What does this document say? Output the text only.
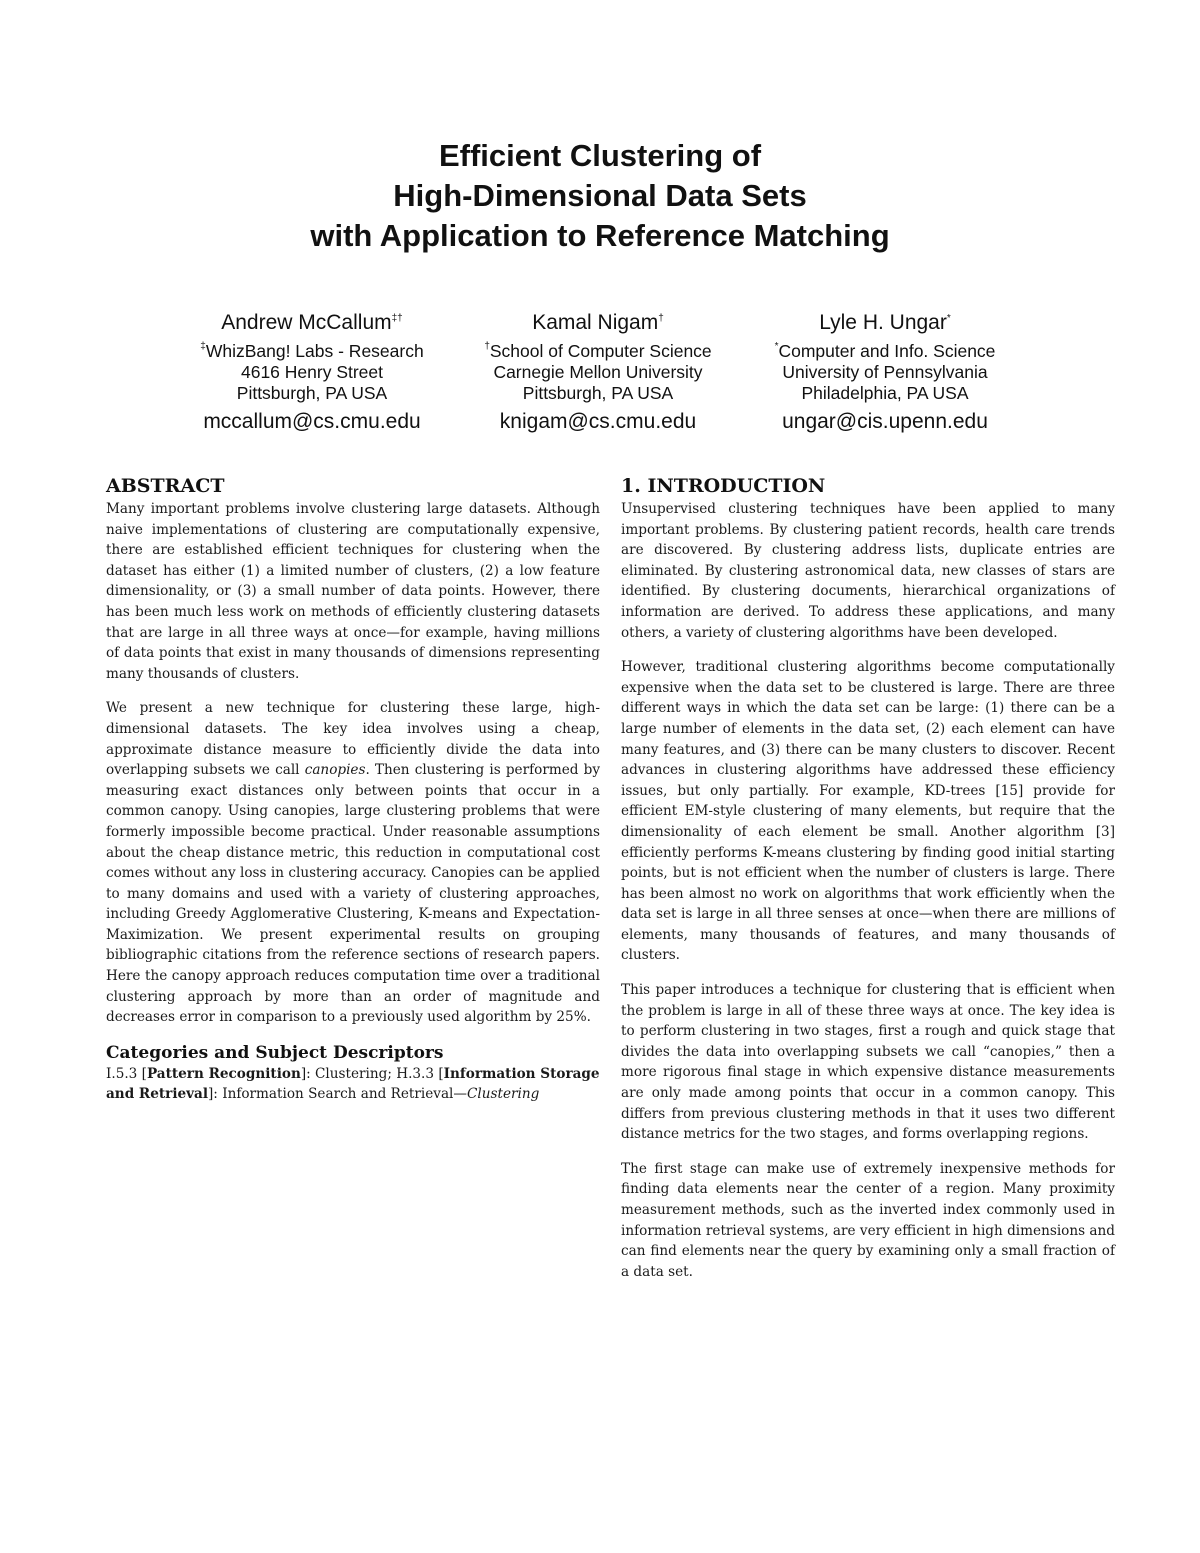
Efficient Clustering of
High-Dimensional Data Sets
with Application to Reference Matching
Andrew McCallum‡†
‡WhizBang! Labs - Research
4616 Henry Street
Pittsburgh, PA USA
mccallum@cs.cmu.edu
Kamal Nigam†
†School of Computer Science
Carnegie Mellon University
Pittsburgh, PA USA
knigam@cs.cmu.edu
Lyle H. Ungar*
*Computer and Info. Science
University of Pennsylvania
Philadelphia, PA USA
ungar@cis.upenn.edu
ABSTRACT

Many important problems involve clustering large datasets. Although naive implementations of clustering are computationally expensive, there are established efficient techniques for clustering when the dataset has either (1) a limited number of clusters, (2) a low feature dimensionality, or (3) a small number of data points. However, there has been much less work on methods of efficiently clustering datasets that are large in all three ways at once—for example, having millions of data points that exist in many thousands of dimensions representing many thousands of clusters.

We present a new technique for clustering these large, high-dimensional datasets. The key idea involves using a cheap, approximate distance measure to efficiently divide the data into overlapping subsets we call canopies. Then clustering is performed by measuring exact distances only between points that occur in a common canopy. Using canopies, large clustering problems that were formerly impossible become practical. Under reasonable assumptions about the cheap distance metric, this reduction in computational cost comes without any loss in clustering accuracy. Canopies can be applied to many domains and used with a variety of clustering approaches, including Greedy Agglomerative Clustering, K-means and Expectation-Maximization. We present experimental results on grouping bibliographic citations from the reference sections of research papers. Here the canopy approach reduces computation time over a traditional clustering approach by more than an order of magnitude and decreases error in comparison to a previously used algorithm by 25%.

Categories and Subject Descriptors

I.5.3 [Pattern Recognition]: Clustering; H.3.3 [Information Storage and Retrieval]: Information Search and Retrieval—Clustering

1. INTRODUCTION

Unsupervised clustering techniques have been applied to many important problems. By clustering patient records, health care trends are discovered. By clustering address lists, duplicate entries are eliminated. By clustering astronomical data, new classes of stars are identified. By clustering documents, hierarchical organizations of information are derived. To address these applications, and many others, a variety of clustering algorithms have been developed.

However, traditional clustering algorithms become computationally expensive when the data set to be clustered is large. There are three different ways in which the data set can be large: (1) there can be a large number of elements in the data set, (2) each element can have many features, and (3) there can be many clusters to discover. Recent advances in clustering algorithms have addressed these efficiency issues, but only partially. For example, KD-trees [15] provide for efficient EM-style clustering of many elements, but require that the dimensionality of each element be small. Another algorithm [3] efficiently performs K-means clustering by finding good initial starting points, but is not efficient when the number of clusters is large. There has been almost no work on algorithms that work efficiently when the data set is large in all three senses at once—when there are millions of elements, many thousands of features, and many thousands of clusters.

This paper introduces a technique for clustering that is efficient when the problem is large in all of these three ways at once. The key idea is to perform clustering in two stages, first a rough and quick stage that divides the data into overlapping subsets we call “canopies,” then a more rigorous final stage in which expensive distance measurements are only made among points that occur in a common canopy. This differs from previous clustering methods in that it uses two different distance metrics for the two stages, and forms overlapping regions.

The first stage can make use of extremely inexpensive methods for finding data elements near the center of a region. Many proximity measurement methods, such as the inverted index commonly used in information retrieval systems, are very efficient in high dimensions and can find elements near the query by examining only a small fraction of a data set.
